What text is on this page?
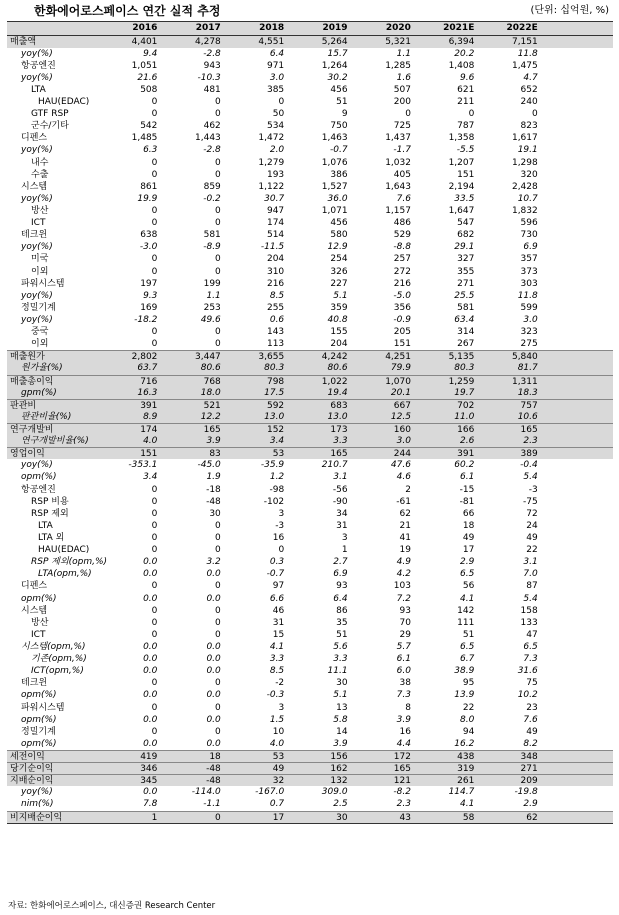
한화에어로스페이스 연간 실적 추정	(단위: 십억원, %)
2016	2017	2018	2019	2020	2021E	2022E
매출액	4,401	4,278	4,551	5,264	5,321	6,394	7,151
yoy(%)	9.4	-2.8	6.4	15.7	1.1	20.2	11.8
항공엔진	1,051	943	971	1,264	1,285	1,408	1,475
yoy(%)	21.6	-10.3	3.0	30.2	1.6	9.6	4.7
LTA	508	481	385	456	507	621	652
HAU(EDAC)	0	0	0	51	200	211	240
GTF RSP	0	0	50	9	0	0	0
군수/기타	542	462	534	750	725	787	823
디펜스	1,485	1,443	1,472	1,463	1,437	1,358	1,617
yoy(%)	6.3	-2.8	2.0	-0.7	-1.7	-5.5	19.1
내수	0	0	1,279	1,076	1,032	1,207	1,298
수출	0	0	193	386	405	151	320
시스템	861	859	1,122	1,527	1,643	2,194	2,428
yoy(%)	19.9	-0.2	30.7	36.0	7.6	33.5	10.7
방산	0	0	947	1,071	1,157	1,647	1,832
ICT	0	0	174	456	486	547	596
테크윈	638	581	514	580	529	682	730
yoy(%)	-3.0	-8.9	-11.5	12.9	-8.8	29.1	6.9
미국	0	0	204	254	257	327	357
이외	0	0	310	326	272	355	373
파워시스템	197	199	216	227	216	271	303
yoy(%)	9.3	1.1	8.5	5.1	-5.0	25.5	11.8
정밀기계	169	253	255	359	356	581	599
yoy(%)	-18.2	49.6	0.6	40.8	-0.9	63.4	3.0
중국	0	0	143	155	205	314	323
이외	0	0	113	204	151	267	275
매출원가	2,802	3,447	3,655	4,242	4,251	5,135	5,840
원가율(%)	63.7	80.6	80.3	80.6	79.9	80.3	81.7
매출총이익	716	768	798	1,022	1,070	1,259	1,311
gpm(%)	16.3	18.0	17.5	19.4	20.1	19.7	18.3
판관비	391	521	592	683	667	702	757
판관비율(%)	8.9	12.2	13.0	13.0	12.5	11.0	10.6
연구개발비	174	165	152	173	160	166	165
연구개발비율(%)	4.0	3.9	3.4	3.3	3.0	2.6	2.3
영업이익	151	83	53	165	244	391	389
yoy(%)	-353.1	-45.0	-35.9	210.7	47.6	60.2	-0.4
opm(%)	3.4	1.9	1.2	3.1	4.6	6.1	5.4
항공엔진	0	-18	-98	-56	2	-15	-3
RSP 비용	0	-48	-102	-90	-61	-81	-75
RSP 제외	0	30	3	34	62	66	72
LTA	0	0	-3	31	21	18	24
LTA 외	0	0	16	3	41	49	49
HAU(EDAC)	0	0	0	1	19	17	22
RSP 제외(opm,%)	0.0	3.2	0.3	2.7	4.9	2.9	3.1
LTA(opm,%)	0.0	0.0	-0.7	6.9	4.2	6.5	7.0
디펜스	0	0	97	93	103	56	87
opm(%)	0.0	0.0	6.6	6.4	7.2	4.1	5.4
시스템	0	0	46	86	93	142	158
방산	0	0	31	35	70	111	133
ICT	0	0	15	51	29	51	47
시스템(opm,%)	0.0	0.0	4.1	5.6	5.7	6.5	6.5
기존(opm,%)	0.0	0.0	3.3	3.3	6.1	6.7	7.3
ICT(opm,%)	0.0	0.0	8.5	11.1	6.0	38.9	31.6
테크윈	0	0	-2	30	38	95	75
opm(%)	0.0	0.0	-0.3	5.1	7.3	13.9	10.2
파워시스템	0	0	3	13	8	22	23
opm(%)	0.0	0.0	1.5	5.8	3.9	8.0	7.6
정밀기계	0	0	10	14	16	94	49
opm(%)	0.0	0.0	4.0	3.9	4.4	16.2	8.2
세전이익	419	18	53	156	172	438	348
당기순이익	346	-48	49	162	165	319	271
지배순이익	345	-48	32	132	121	261	209
yoy(%)	0.0	-114.0	-167.0	309.0	-8.2	114.7	-19.8
nim(%)	7.8	-1.1	0.7	2.5	2.3	4.1	2.9
비지배순이익	1	0	17	30	43	58	62
자료: 한화에어로스페이스, 대신증권 Research Center
